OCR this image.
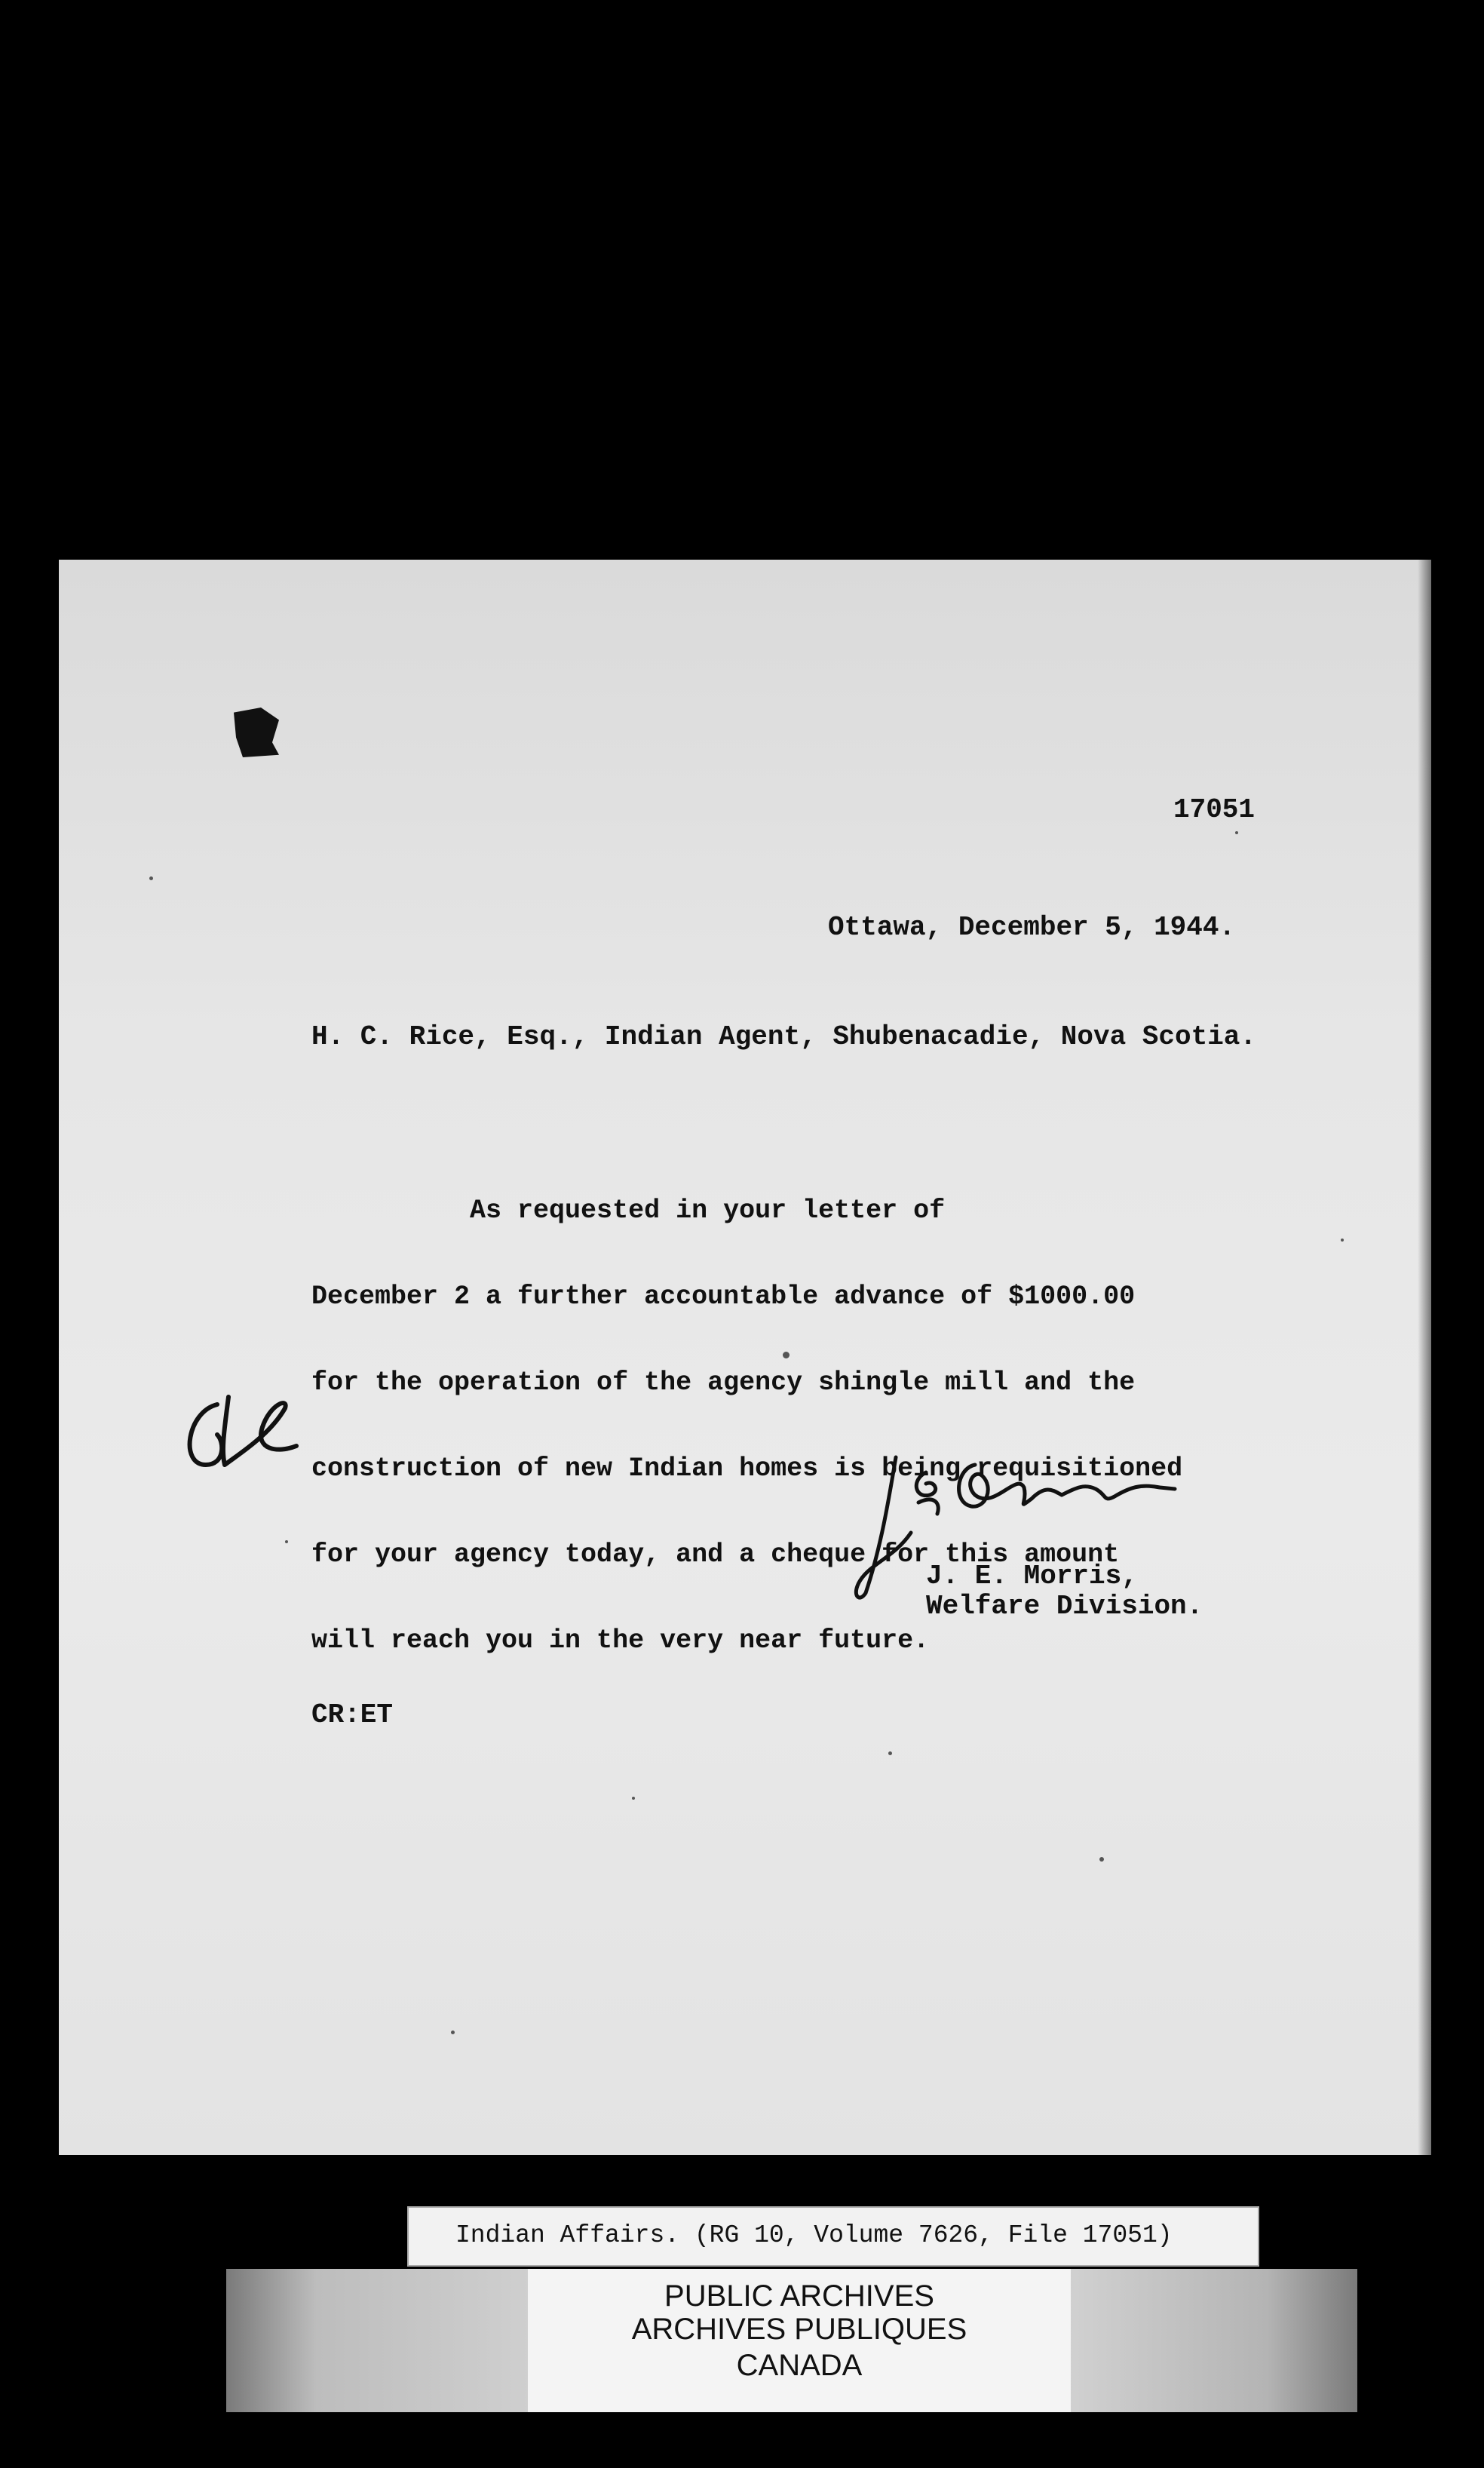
17051
Ottawa, December 5, 1944.
H. C. Rice, Esq., Indian Agent, Shubenacadie, Nova Scotia.

As requested in your letter of

December 2 a further accountable advance of $1000.00

for the operation of the agency shingle mill and the

construction of new Indian homes is being requisitioned

for your agency today, and a cheque for this amount

will reach you in the very near future.

J. E. Morris,
Welfare Division.
CR:ET
Indian Affairs. (RG 10, Volume 7626, File 17051)
PUBLIC ARCHIVES
ARCHIVES PUBLIQUES
CANADA
